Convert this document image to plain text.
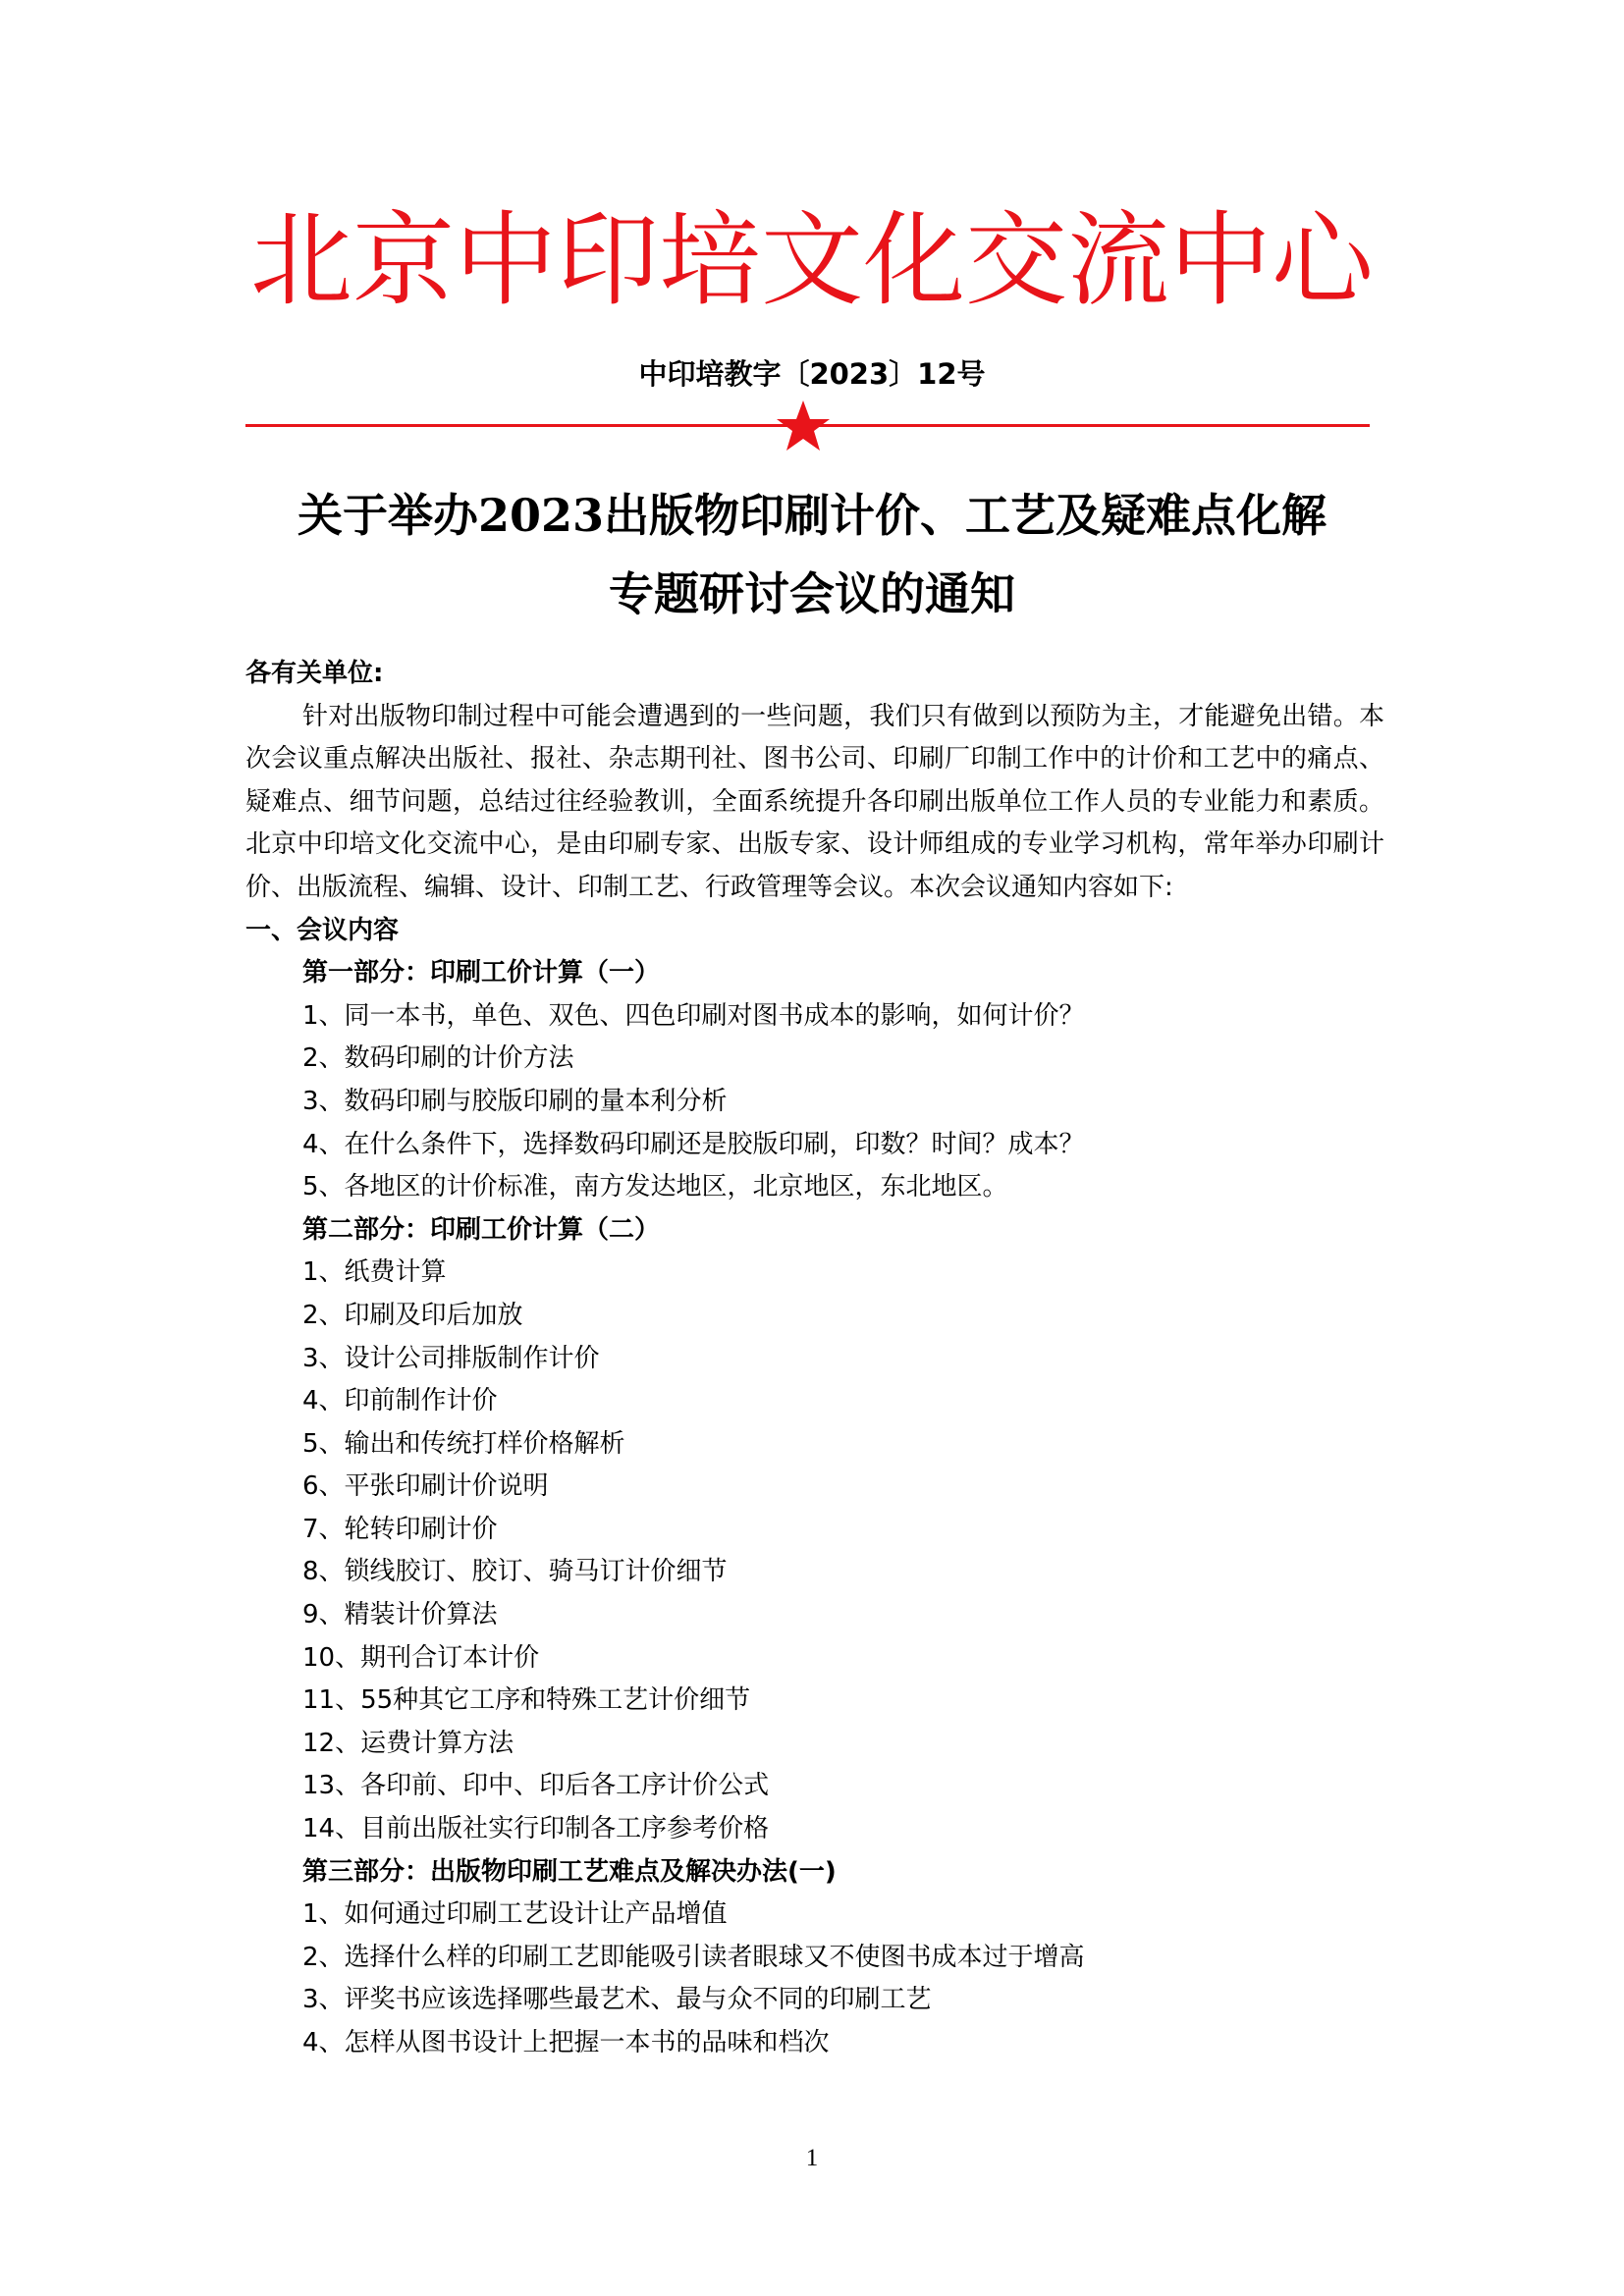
北京中印培文化交流中心
中印培教字〔2023〕12号
关于举办2023出版物印刷计价、工艺及疑难点化解
专题研讨会议的通知
各有关单位:
针对出版物印制过程中可能会遭遇到的一些问题，我们只有做到以预防为主，才能避免出错。本次会议重点解决出版社、报社、杂志期刊社、图书公司、印刷厂印制工作中的计价和工艺中的痛点、疑难点、细节问题，总结过往经验教训，全面系统提升各印刷出版单位工作人员的专业能力和素质。北京中印培文化交流中心，是由印刷专家、出版专家、设计师组成的专业学习机构，常年举办印刷计价、出版流程、编辑、设计、印制工艺、行政管理等会议。本次会议通知内容如下:
一、会议内容
第一部分：印刷工价计算（一）
1、同一本书，单色、双色、四色印刷对图书成本的影响，如何计价？
2、数码印刷的计价方法
3、数码印刷与胶版印刷的量本利分析
4、在什么条件下，选择数码印刷还是胶版印刷，印数？时间？成本？
5、各地区的计价标准，南方发达地区，北京地区，东北地区。
第二部分：印刷工价计算（二）
1、纸费计算
2、印刷及印后加放
3、设计公司排版制作计价
4、印前制作计价
5、输出和传统打样价格解析
6、平张印刷计价说明
7、轮转印刷计价
8、锁线胶订、胶订、骑马订计价细节
9、精装计价算法
10、期刊合订本计价
11、55种其它工序和特殊工艺计价细节
12、运费计算方法
13、各印前、印中、印后各工序计价公式
14、目前出版社实行印制各工序参考价格
第三部分：出版物印刷工艺难点及解决办法(一)
1、如何通过印刷工艺设计让产品增值
2、选择什么样的印刷工艺即能吸引读者眼球又不使图书成本过于增高
3、评奖书应该选择哪些最艺术、最与众不同的印刷工艺
4、怎样从图书设计上把握一本书的品味和档次
1
